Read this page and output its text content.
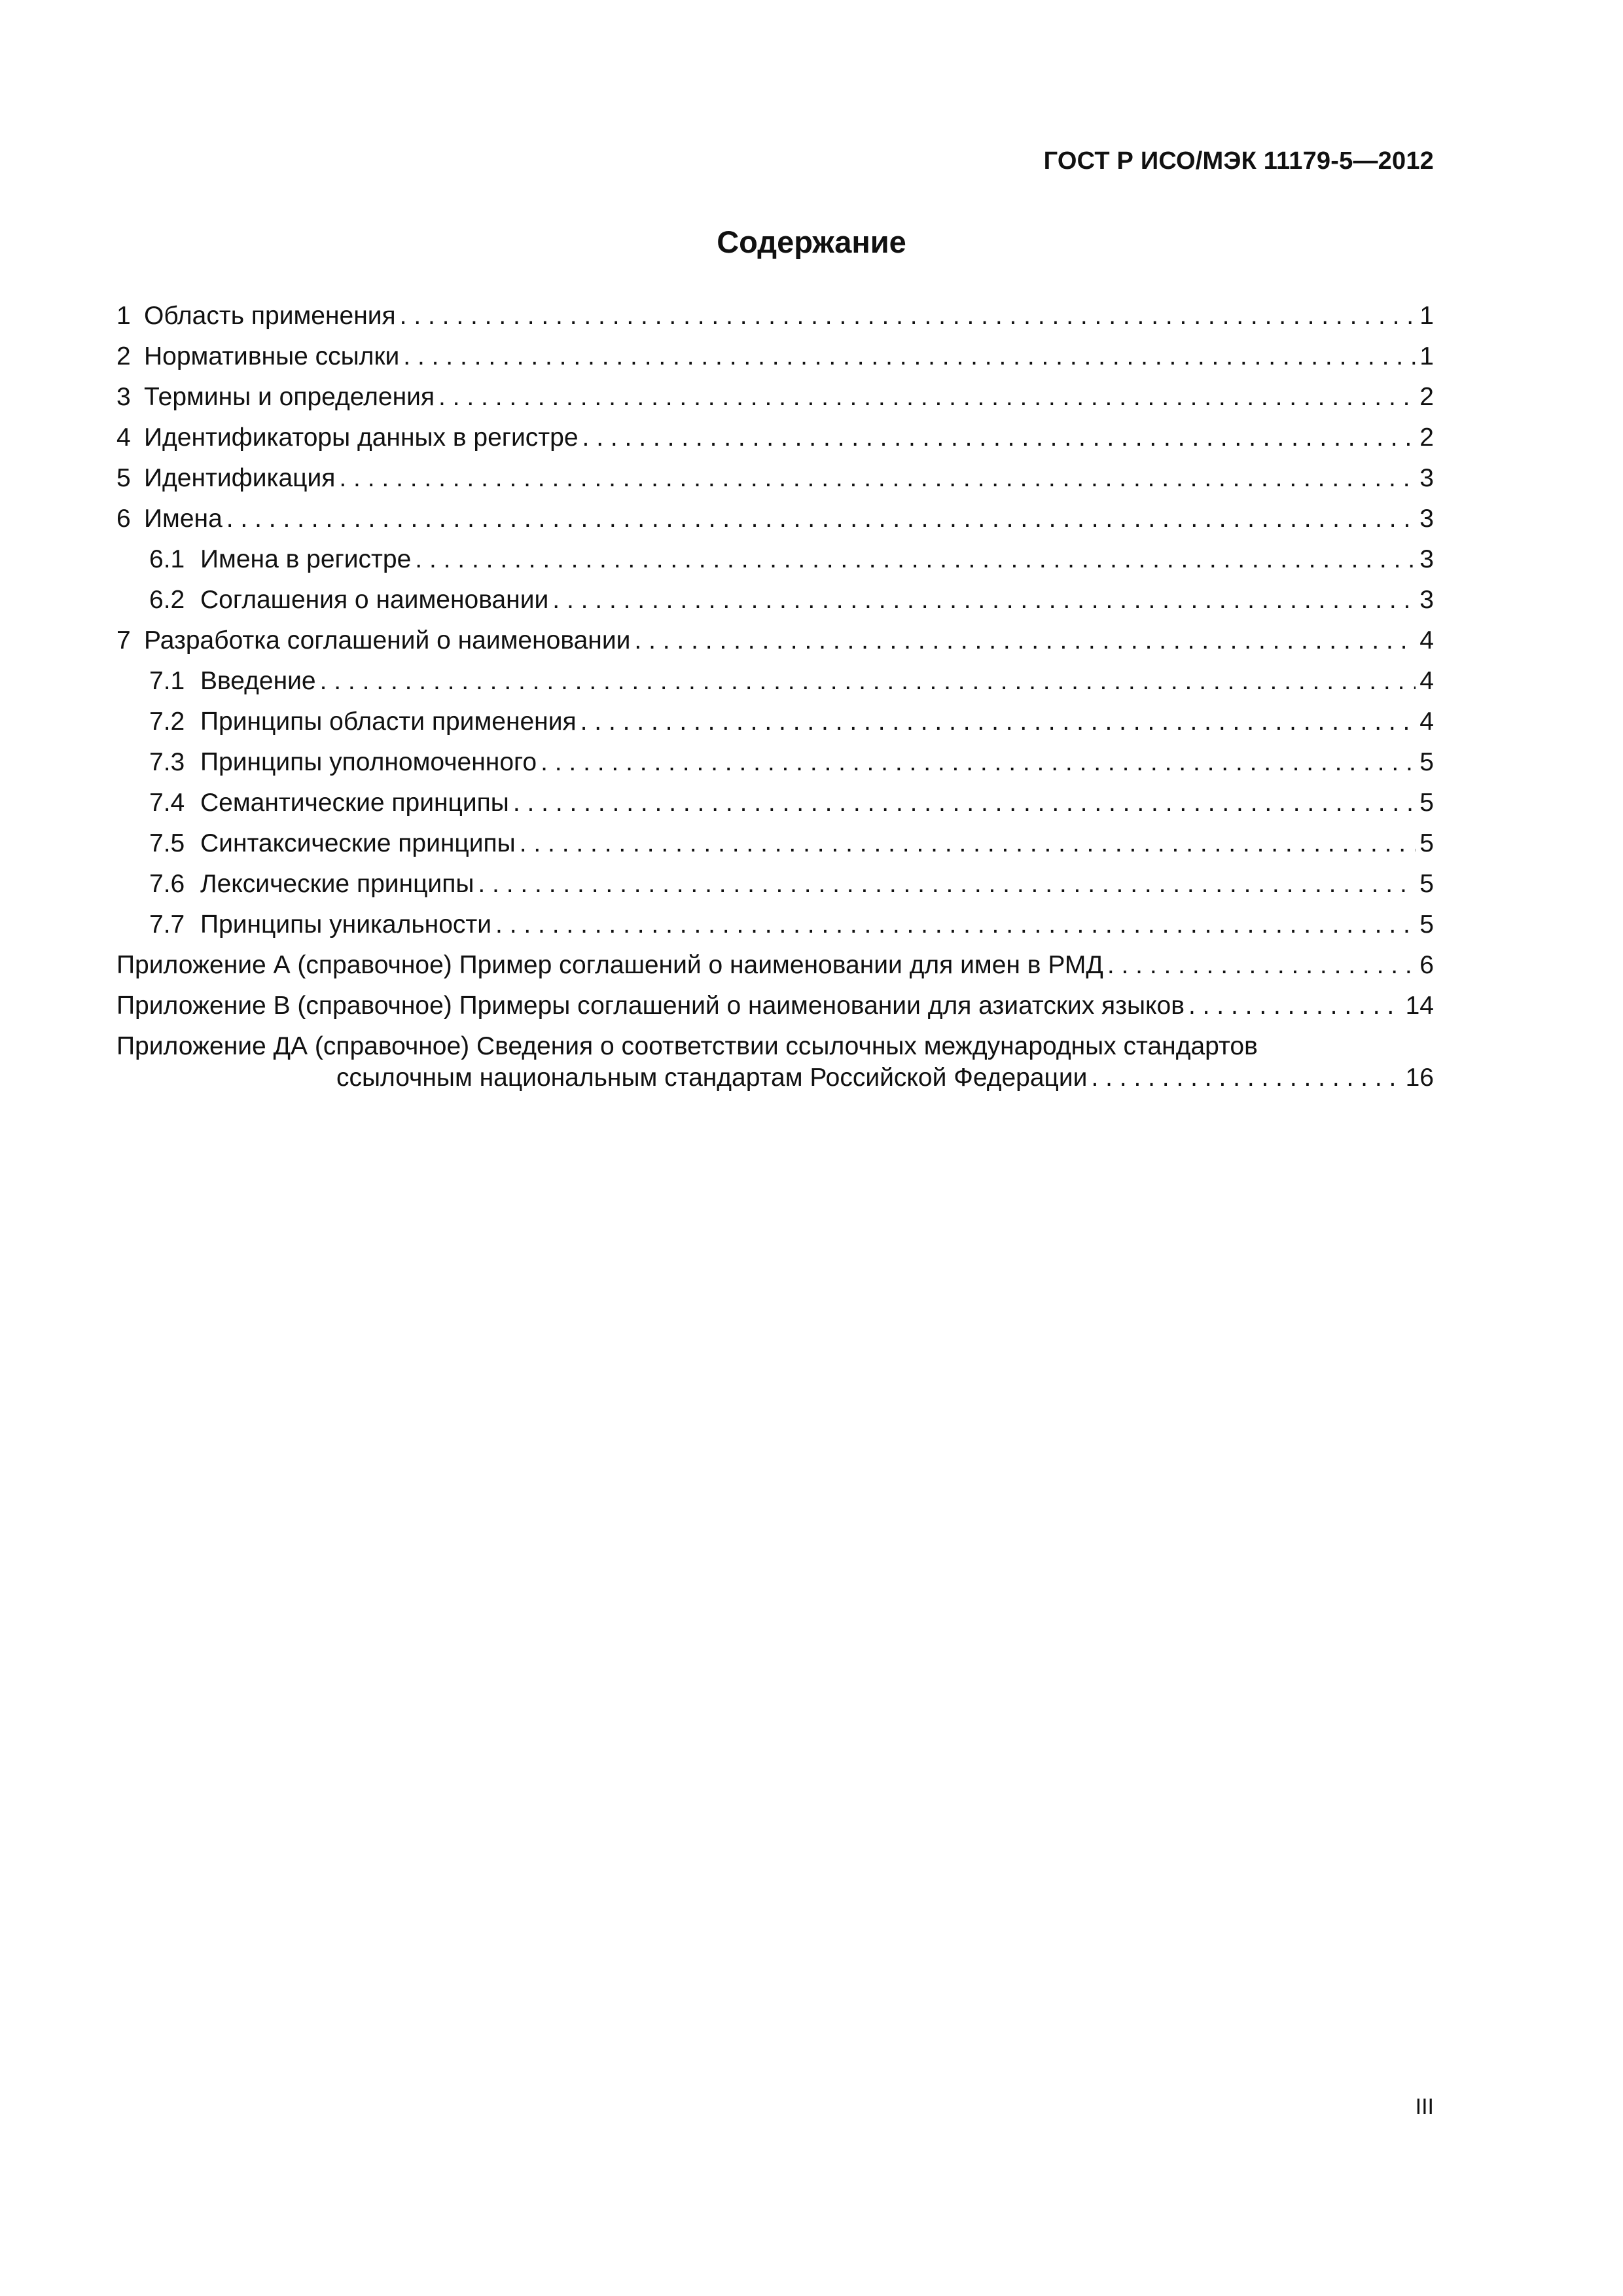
ГОСТ Р ИСО/МЭК 11179-5—2012
Содержание
1 Область применения . . .	1
2 Нормативные ссылки . . .	1
3 Термины и определения . . .	2
4 Идентификаторы данных в регистре . . .	2
5 Идентификация . . .	3
6 Имена . . .	3
6.1 Имена в регистре . . .	3
6.2 Соглашения о наименовании . . .	3
7 Разработка соглашений о наименовании . . .	4
7.1 Введение . . .	4
7.2 Принципы области применения . . .	4
7.3 Принципы уполномоченного . . .	5
7.4 Семантические принципы . . .	5
7.5 Синтаксические принципы . . .	5
7.6 Лексические принципы . . .	5
7.7 Принципы уникальности . . .	5
Приложение А (справочное) Пример соглашений о наименовании для имен в РМД . . .	6
Приложение В (справочное) Примеры соглашений о наименовании для азиатских языков . . .	14
Приложение ДА (справочное) Сведения о соответствии ссылочных международных стандартов
ссылочным национальным стандартам Российской Федерации . . .	16
III
